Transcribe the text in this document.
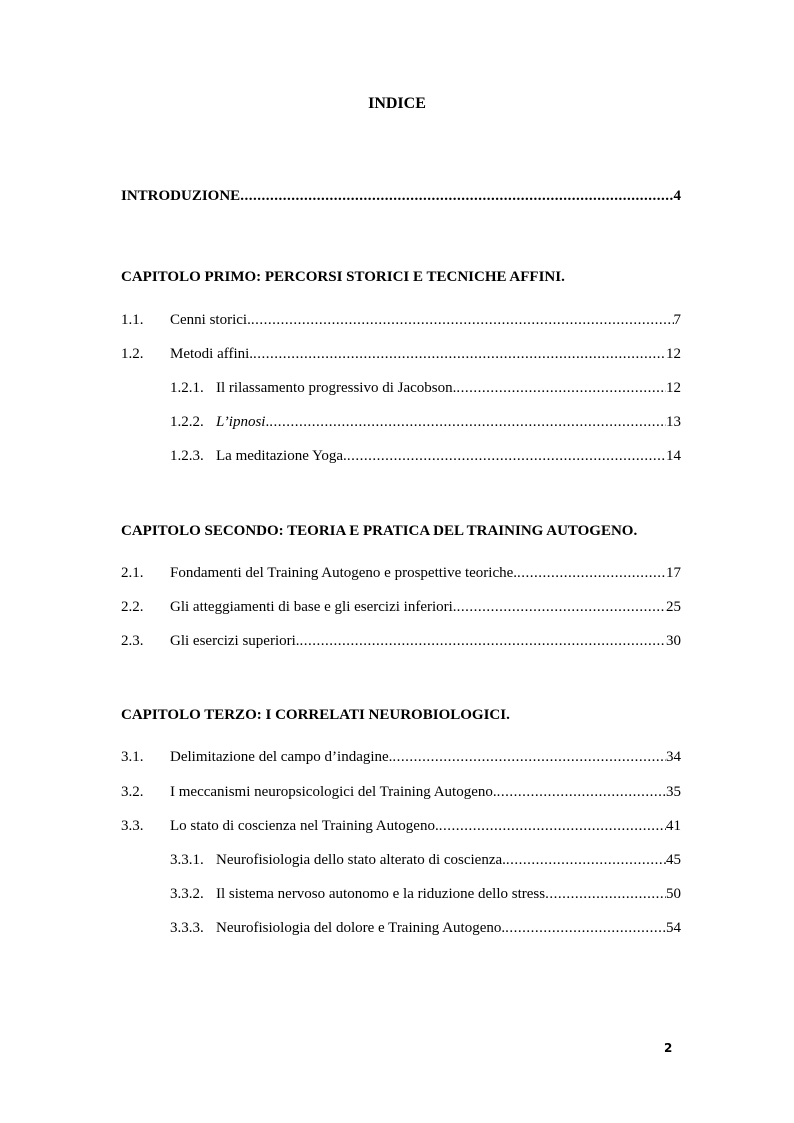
INDICE
INTRODUZIONE .....	4
CAPITOLO PRIMO: PERCORSI STORICI E TECNICHE AFFINI.
1.1.	Cenni storici. .....	7
1.2.	Metodi affini. .....	12
1.2.1. Il rilassamento progressivo di Jacobson. .....	12
1.2.2. L’ipnosi . .....	13
1.2.3. La meditazione Yoga. .....	14
CAPITOLO SECONDO: TEORIA E PRATICA DEL TRAINING AUTOGENO.
2.1.	Fondamenti del Training Autogeno e prospettive teoriche. .....	17
2.2.	Gli atteggiamenti di base e gli esercizi inferiori. .....	25
2.3.	Gli esercizi superiori. .....	30
CAPITOLO TERZO: I CORRELATI NEUROBIOLOGICI.
3.1.	Delimitazione del campo d’indagine. .....	34
3.2.	I meccanismi neuropsicologici del Training Autogeno. .....	35
3.3.	Lo stato di coscienza nel Training Autogeno. .....	41
3.3.1. Neurofisiologia dello stato alterato di coscienza. .....	45
3.3.2. Il sistema nervoso autonomo e la riduzione dello stress .....	50
3.3.3. Neurofisiologia del dolore e Training Autogeno. .....	54
2
